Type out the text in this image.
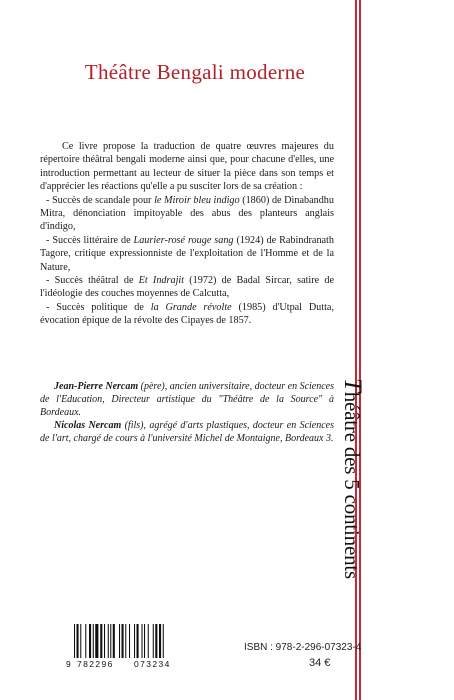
Théâtre Bengali moderne

Ce livre propose la traduction de quatre œuvres majeures du répertoire théâtral bengali moderne ainsi que, pour chacune d'elles, une introduction permettant au lecteur de situer la pièce dans son temps et d'apprécier les réactions qu'elle a pu susciter lors de sa création :

- Succès de scandale pour le Miroir bleu indigo (1860) de Dinabandhu Mitra, dénonciation impitoyable des abus des planteurs anglais d'indigo,

- Succès littéraire de Laurier-rosé rouge sang (1924) de Rabindranath Tagore, critique expressionniste de l'exploitation de l'Homme et de la Nature,

- Succès théâtral de Et Indrajit (1972) de Badal Sircar, satire de l'idéologie des couches moyennes de Calcutta,

- Succès politique de la Grande révolte (1985) d'Utpal Dutta, évocation épique de la révolte des Cipayes de 1857.

Jean-Pierre Nercam (père), ancien universitaire, docteur en Sciences de l'Education, Directeur artistique du "Théâtre de la Source" à Bordeaux.

Nicolas Nercam (fils), agrégé d'arts plastiques, docteur en Sciences de l'art, chargé de cours à l'université Michel de Montaigne, Bordeaux 3.

Théâtre des 5 continents
9 782296 073234
ISBN : 978-2-296-07323-4
34 €
